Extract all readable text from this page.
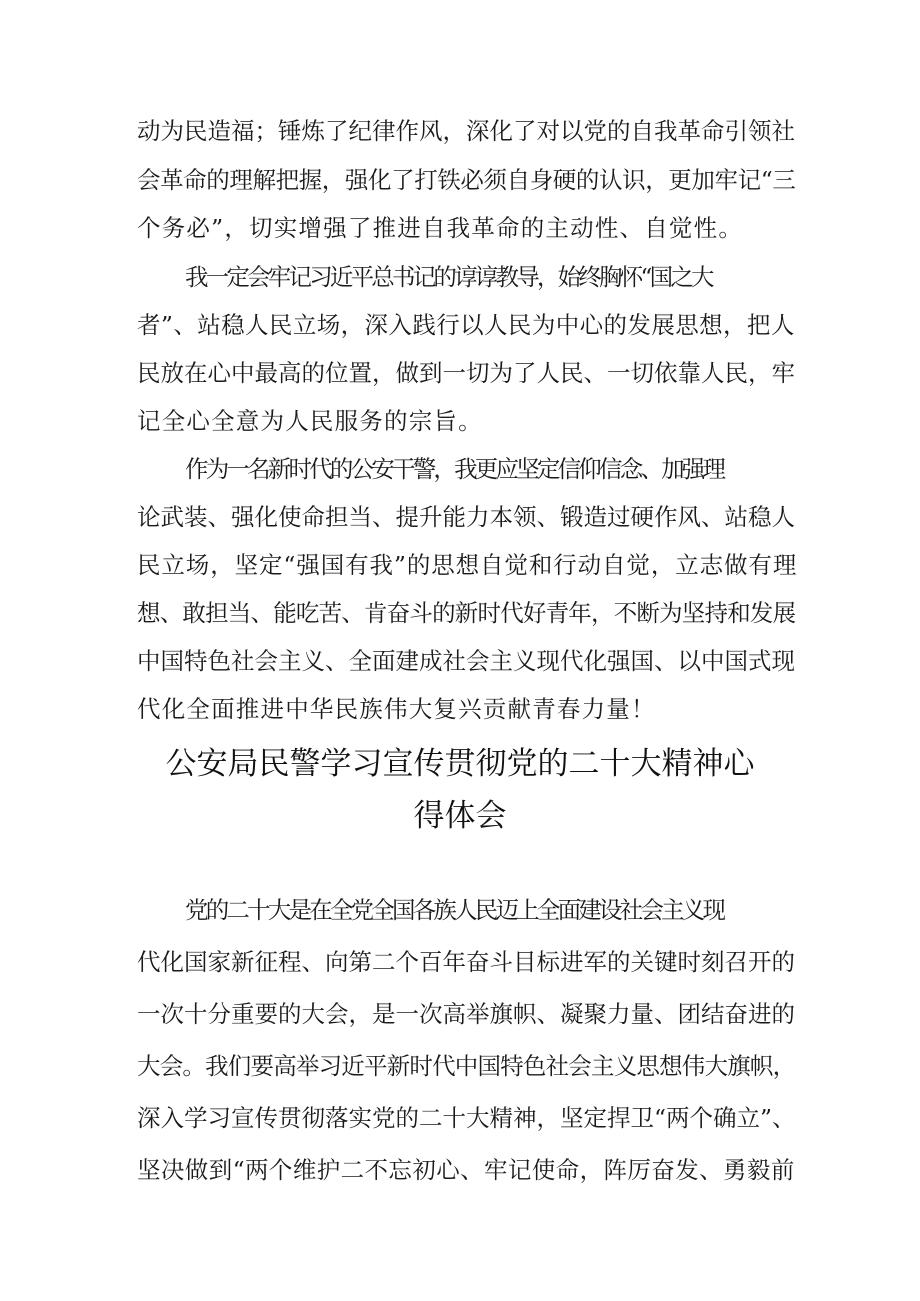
动为民造福；锤炼了纪律作风，深化了对以党的自我革命引领社
会革命的理解把握，强化了打铁必须自身硬的认识，更加牢记“三
个务必”，切实增强了推进自我革命的主动性、自觉性。
我一定会牢记习近平总书记的谆谆教导，始终胸怀“国之大
者”、站稳人民立场，深入践行以人民为中心的发展思想，把人
民放在心中最高的位置，做到一切为了人民、一切依靠人民，牢
记全心全意为人民服务的宗旨。
作为一名新时代的公安干警，我更应坚定信仰信念、加强理
论武装、强化使命担当、提升能力本领、锻造过硬作风、站稳人
民立场，坚定“强国有我”的思想自觉和行动自觉，立志做有理
想、敢担当、能吃苦、肯奋斗的新时代好青年，不断为坚持和发展
中国特色社会主义、全面建成社会主义现代化强国、以中国式现
代化全面推进中华民族伟大复兴贡献青春力量！
公安局民警学习宣传贯彻党的二十大精神心
得体会
党的二十大是在全党全国各族人民迈上全面建设社会主义现
代化国家新征程、向第二个百年奋斗目标进军的关键时刻召开的
一次十分重要的大会，是一次高举旗帜、凝聚力量、团结奋进的
大会。我们要高举习近平新时代中国特色社会主义思想伟大旗帜，
深入学习宣传贯彻落实党的二十大精神，坚定捍卫“两个确立”、
坚决做到“两个维护二不忘初心、牢记使命，阵厉奋发、勇毅前
